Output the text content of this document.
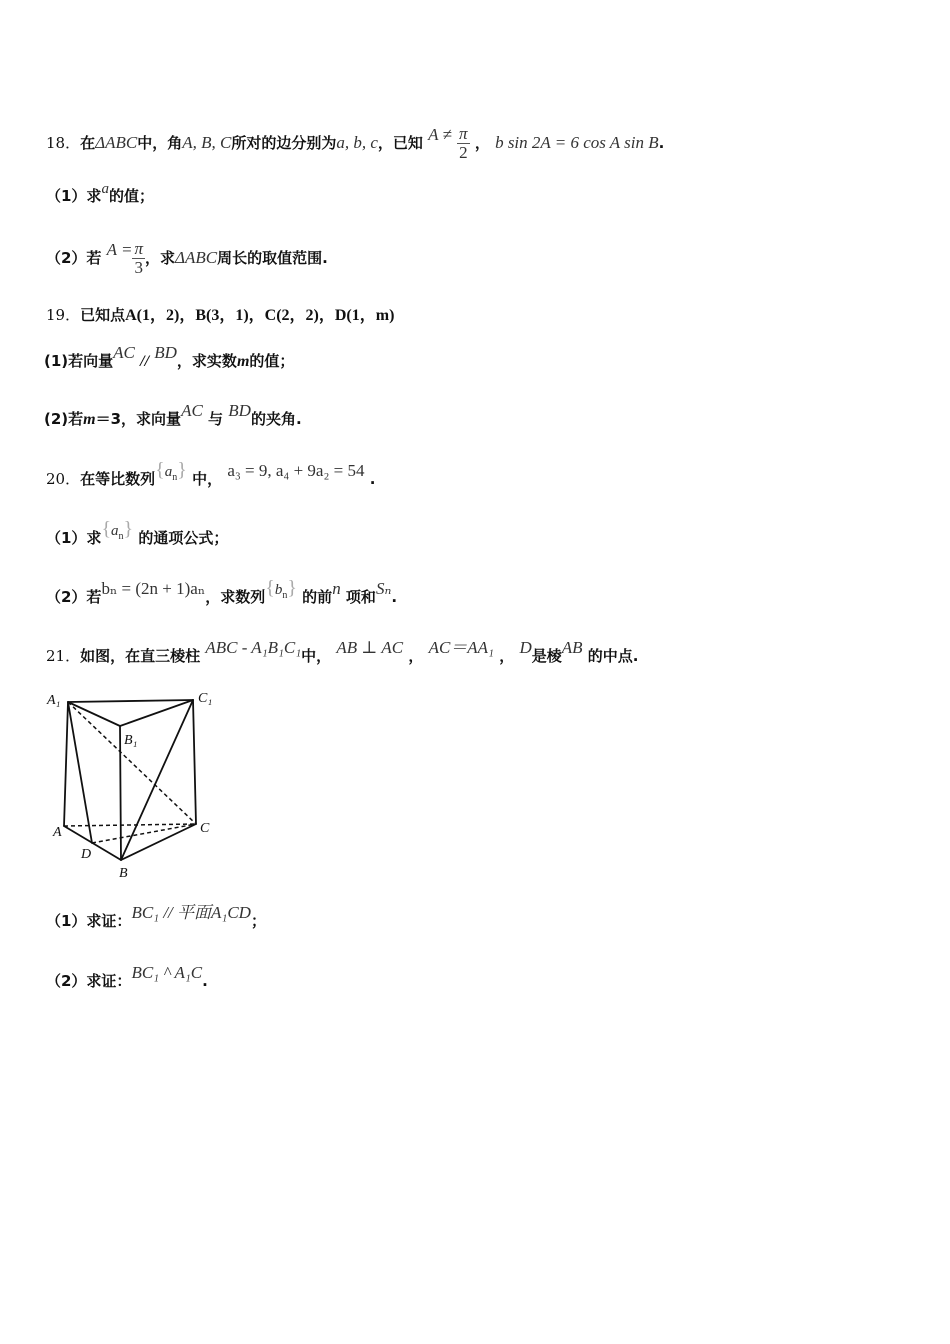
18．在ΔABC中，角A, B, C所对的边分别为a, b, c，已知 $A \ne \frac{\pi}{2}$ ， b sin 2A = 6 cos A sin B.
（1）求a的值；
（2）若 $A = \frac{\pi}{3}$ ，求ΔABC周长的取值范围.
19．已知点A(1，2)，B(3，1)，C(2，2)，D(1，m)
(1)若向量AC // BD，求实数m的值；
(2)若m＝3，求向量AC 与 BD的夹角.
20．在等比数列$\{a_n\}$ 中， a₃ = 9, a₄ + 9a₂ = 54 .
（1）求$\{a_n\}$ 的通项公式；
（2）若bₙ = (2n + 1)aₙ，求数列$\{b_n\}$ 的前n 项和Sₙ.
21．如图，在直三棱柱 ABC - A₁B₁C₁中， AB ⊥ AC ， AC＝AA₁ ， D是棱AB 的中点.
A₁	C₁
B₁
A	C
D
B
（1）求证：BC₁ // 平面A₁CD；
（2）求证：BC₁ ^ A₁C.
